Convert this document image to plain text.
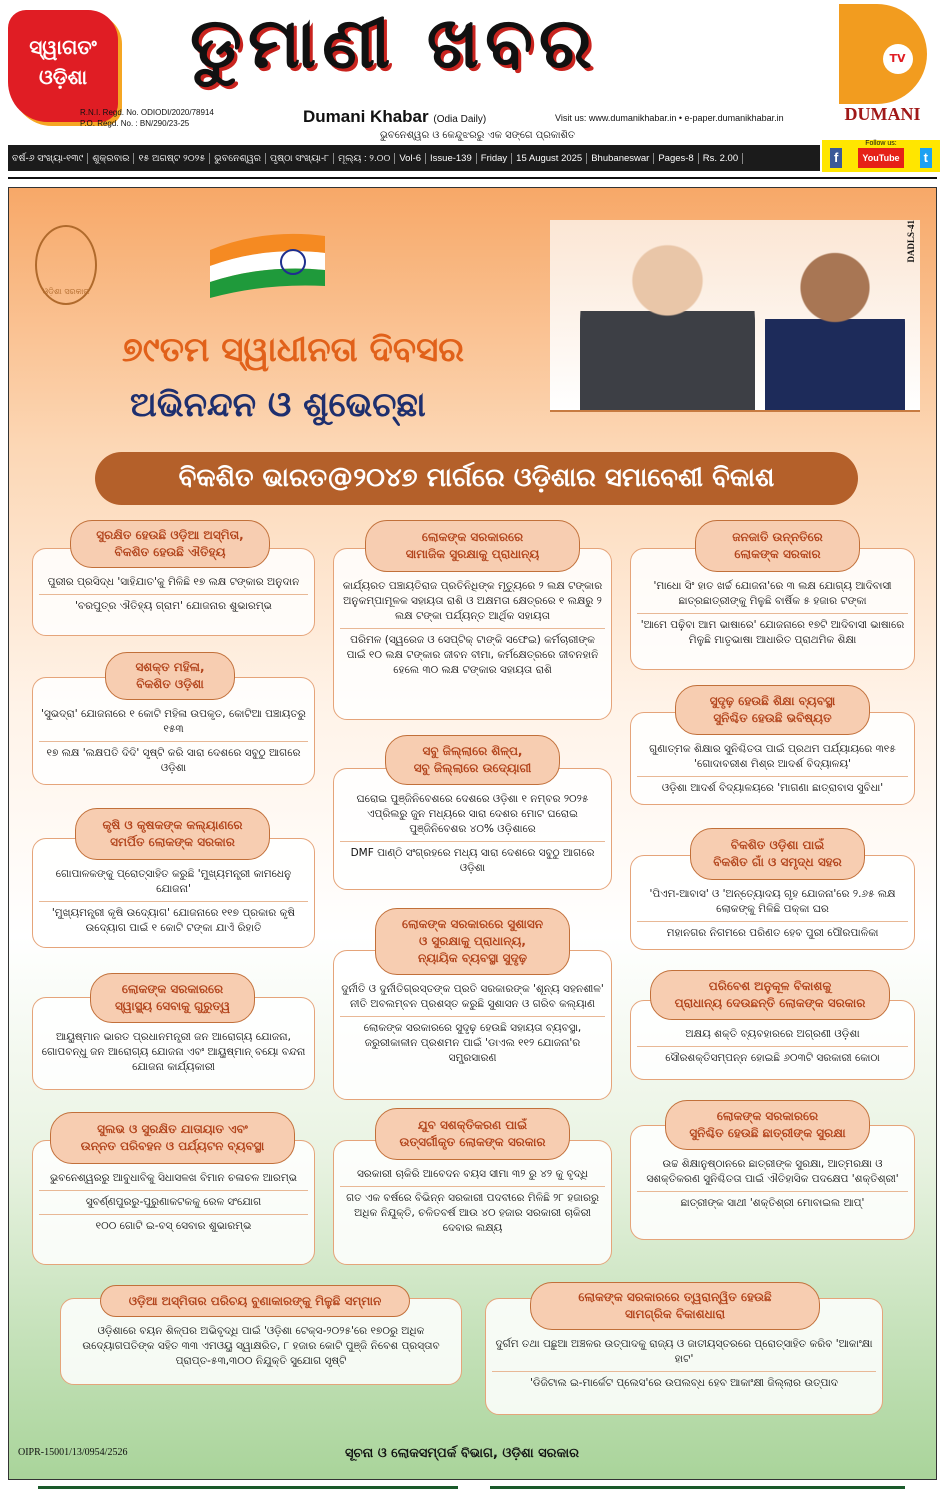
ସ୍ୱାଗତଂ
ଓଡ଼ିଶା	ଡୁମାଣୀ ଖବର
R.N.I. Regd. No. ODIODI/2020/78914
P.O. Regd. No. : BN/290/23-25	Dumani Khabar (Odia Daily)	Visit us: www.dumanikhabar.in • e-paper.dumanikhabar.in
ଭୁବନେଶ୍ୱର ଓ କେନ୍ଦୁଝରରୁ ଏକ ସଙ୍ଗେ ପ୍ରକାଶିତ
TV
DUMANI
ବର୍ଷ-୬ ସଂଖ୍ୟା-୧୩୯ ଶୁକ୍ରବାର ୧୫ ଅଗଷ୍ଟ ୨୦୨୫ ଭୁବନେଶ୍ୱର ପୃଷ୍ଠା ସଂଖ୍ୟା-୮ ମୂଲ୍ୟ : ୨.୦୦ Vol-6 Issue-139 Friday 15 August 2025 Bhubaneswar Pages-8 Rs. 2.00
Follow us:
f	YouTube	t
ଓଡ଼ିଶା ସରକାର
୭୯ତମ ସ୍ୱାଧୀନତା ଦିବସର
ଅଭିନନ୍ଦନ ଓ ଶୁଭେଚ୍ଛା
DADLS-41
ବିକଶିତ ଭାରତ@୨୦୪୭ ମାର୍ଗରେ ଓଡ଼ିଶାର ସମାବେଶୀ ବିକାଶ

ପୁରୀର ପ୍ରସିଦ୍ଧ 'ସାହିଯାତ'କୁ ମିଳିଛି ୧୭ ଲକ୍ଷ ଟଙ୍କାର ଅନୁଦାନ

'ବରପୁତ୍ର ଐତିହ୍ୟ ଗ୍ରାମ' ଯୋଜନାର ଶୁଭାରମ୍ଭ

ସୁରକ୍ଷିତ ହେଉଛି ଓଡ଼ିଆ ଅସ୍ମିତା,
ବିକଶିତ ହେଉଛି ଐତିହ୍ୟ

'ସୁଭଦ୍ରା' ଯୋଜନାରେ ୧ କୋଟି ମହିଳା ଉପକୃତ, କୋଟିଆ ପଞ୍ଚାୟତରୁ ୧୫୩

୧୭ ଲକ୍ଷ 'ଲକ୍ଷପତି ଦିଦି' ସୃଷ୍ଟି କରି ସାରା ଦେଶରେ ସବୁଠୁ ଆଗରେ ଓଡ଼ିଶା

ସଶକ୍ତ ମହିଳା,
ବିକଶିତ ଓଡ଼ିଶା

ଗୋପାଳକଙ୍କୁ ପ୍ରୋତ୍ସାହିତ କରୁଛି 'ମୁଖ୍ୟମନ୍ତ୍ରୀ କାମଧେନୁ ଯୋଜନା'

'ମୁଖ୍ୟମନ୍ତ୍ରୀ କୃଷି ଉଦ୍ୟୋଗ' ଯୋଜନାରେ ୧୧୭ ପ୍ରକାର କୃଷି ଉଦ୍ୟୋଗ ପାଇଁ ୧ କୋଟି ଟଙ୍କା ଯାଏଁ ରିହାତି

କୃଷି ଓ କୃଷକଙ୍କ କଲ୍ୟାଣରେ
ସମର୍ପିତ ଲୋକଙ୍କ ସରକାର

ଆୟୁଷ୍ମାନ ଭାରତ ପ୍ରଧାନମନ୍ତ୍ରୀ ଜନ ଆରୋଗ୍ୟ ଯୋଜନା, ଗୋପବନ୍ଧୁ ଜନ ଆରୋଗ୍ୟ ଯୋଜନା ଏବଂ ଆୟୁଷ୍ମାନ୍ ବୟୋ ବନ୍ଦନା ଯୋଜନା କାର୍ଯ୍ୟକାରୀ

ଲୋକଙ୍କ ସରକାରରେ
ସ୍ୱାସ୍ଥ୍ୟ ସେବାକୁ ଗୁରୁତ୍ୱ

ଭୁବନେଶ୍ୱରରୁ ଆବୁଧାବିକୁ ସିଧାସଳଖ ବିମାନ ଚଳାଚଳ ଆରମ୍ଭ

ସୁବର୍ଣ୍ଣପୁରରୁ-ପୁରୁଣାକଟକକୁ ରେଳ ସଂଯୋଗ

୧୦୦ ଗୋଟି ଇ-ବସ୍ ସେବାର ଶୁଭାରମ୍ଭ

ସୁଲଭ ଓ ସୁରକ୍ଷିତ ଯାତାୟାତ ଏବଂ
ଉନ୍ନତ ପରିବହନ ଓ ପର୍ଯ୍ୟଟନ ବ୍ୟବସ୍ଥା

କାର୍ଯ୍ୟରତ ପଞ୍ଚାୟତିରାଜ ପ୍ରତିନିଧିଙ୍କ ମୃତ୍ୟୁରେ ୨ ଲକ୍ଷ ଟଙ୍କାର ଅନୁକମ୍ପାମୂଳକ ସହାୟତା ରାଶି ଓ ଅକ୍ଷମତା କ୍ଷେତ୍ରରେ ୧ ଲକ୍ଷରୁ ୨ ଲକ୍ଷ ଟଙ୍କା ପର୍ଯ୍ୟନ୍ତ ଆର୍ଥିକ ସହାୟତା

ପରିମଳ (ସ୍ୱରେଜ ଓ ସେପ୍‌ଟିକ୍ ଟାଙ୍କି ସଫେଇ) କର୍ମଚାରୀଙ୍କ ପାଇଁ ୧୦ ଲକ୍ଷ ଟଙ୍କାର ଜୀବନ ବୀମା, କର୍ମକ୍ଷେତ୍ରରେ ଜୀବନହାନି ହେଲେ ୩୦ ଲକ୍ଷ ଟଙ୍କାର ସହାୟତା ରାଶି

ଲୋକଙ୍କ ସରକାରରେ
ସାମାଜିକ ସୁରକ୍ଷାକୁ ପ୍ରାଧାନ୍ୟ

ଘରୋଇ ପୁଞ୍ଜିନିବେଶରେ ଦେଶରେ ଓଡ଼ିଶା ୧ ନମ୍ବର ୨୦୨୫ ଏପ୍ରିଲରୁ ଜୁନ ମଧ୍ୟରେ ସାରା ଦେଶର ମୋଟ ଘରୋଇ ପୁଞ୍ଜିନିବେଶର ୪୦% ଓଡ଼ିଶାରେ

DMF ପାଣ୍ଠି ସଂଗ୍ରହରେ ମଧ୍ୟ ସାରା ଦେଶରେ ସବୁଠୁ ଆଗରେ ଓଡ଼ିଶା

ସବୁ ଜିଲ୍ଲାରେ ଶିଳ୍ପ,
ସବୁ ଜିଲ୍ଲାରେ ଉଦ୍ୟୋଗୀ

ଦୁର୍ନୀତି ଓ ଦୁର୍ନୀତିଗ୍ରସ୍ତଙ୍କ ପ୍ରତି ସରକାରଙ୍କ 'ଶୂନ୍ୟ ସହନଶୀଳ' ନୀତି ଅବଲମ୍ବନ ପ୍ରଶସ୍ତ କରୁଛି ସୁଶାସନ ଓ ଗରିବ କଲ୍ୟାଣ

ଲୋକଙ୍କ ସରକାରରେ ସୁଦୃଢ଼ ହେଉଛି ସହାୟତା ବ୍ୟବସ୍ଥା, ଜରୁରୀକାଳୀନ ପ୍ରଶମନ ପାଇଁ 'ଡାଏଲ ୧୧୨ ଯୋଜନା'ର ସମ୍ପ୍ରସାରଣ

ଲୋକଙ୍କ ସରକାରରେ ସୁଶାସନ
ଓ ସୁରକ୍ଷାକୁ ପ୍ରାଧାନ୍ୟ,
ନ୍ୟାୟିକ ବ୍ୟବସ୍ଥା ସୁଦୃଢ଼

ସରକାରୀ ଚାକିରି ଆବେଦନ ବୟସ ସୀମା ୩୨ ରୁ ୪୨ କୁ ବୃଦ୍ଧି

ଗତ ଏକ ବର୍ଷରେ ବିଭିନ୍ନ ସରକାରୀ ପଦବୀରେ ମିଳିଛି ୨୮ ହଜାରରୁ ଅଧିକ ନିଯୁକ୍ତି, ଚଳିତବର୍ଷ ଆଉ ୪୦ ହଜାର ସରକାରୀ ଚାକିରୀ ଦେବାର ଲକ୍ଷ୍ୟ

ଯୁବ ସଶକ୍ତିକରଣ ପାଇଁ
ଉତ୍ସର୍ଗୀକୃତ ଲୋକଙ୍କ ସରକାର

'ମାଧୋ ସିଂ ହାତ ଖର୍ଚ୍ଚ ଯୋଜନା'ରେ ୩ ଲକ୍ଷ ଯୋଗ୍ୟ ଆଦିବାସୀ ଛାତ୍ରଛାତ୍ରୀଙ୍କୁ ମିଳୁଛି ବାର୍ଷିକ ୫ ହଜାର ଟଙ୍କା

'ଆମେ ପଢ଼ିବା ଆମ ଭାଷାରେ' ଯୋଜନାରେ ୧୭ଟି ଆଦିବାସୀ ଭାଷାରେ ମିଳୁଛି ମାତୃଭାଷା ଆଧାରିତ ପ୍ରାଥମିକ ଶିକ୍ଷା

ଜନଜାତି ଉନ୍ନତିରେ
ଲୋକଙ୍କ ସରକାର

ଗୁଣାତ୍ମକ ଶିକ୍ଷାର ସୁନିଶ୍ଚିତତା ପାଇଁ ପ୍ରଥମ ପର୍ଯ୍ୟାୟରେ ୩୧୫ 'ଗୋଦାବରୀଶ ମିଶ୍ର ଆଦର୍ଶ ବିଦ୍ୟାଳୟ'

ଓଡ଼ିଶା ଆଦର୍ଶ ବିଦ୍ୟାଳୟରେ 'ମାଗଣା ଛାତ୍ରାବାସ ସୁବିଧା'

ସୁଦୃଢ଼ ହେଉଛି ଶିକ୍ଷା ବ୍ୟବସ୍ଥା
ସୁନିଶ୍ଚିତ ହେଉଛି ଭବିଷ୍ୟତ

'ପିଏମ-ଆବାସ' ଓ 'ଅନ୍ତ୍ୟୋଦୟ ଗୃହ ଯୋଜନା'ରେ ୨.୬୫ ଲକ୍ଷ ଲୋକଙ୍କୁ ମିଳିଛି ପକ୍କା ଘର

ମହାନଗର ନିଗମରେ ପରିଣତ ହେବ ପୁରୀ ପୌରପାଳିକା

ବିକଶିତ ଓଡ଼ିଶା ପାଇଁ
ବିକଶିତ ଗାଁ ଓ ସମୃଦ୍ଧ ସହର

ଅକ୍ଷୟ ଶକ୍ତି ବ୍ୟବହାରରେ ଅଗ୍ରଣୀ ଓଡ଼ିଶା

ସୌରଶକ୍ତିସମ୍ପନ୍ନ ହୋଇଛି ୬୦୩ଟି ସରକାରୀ କୋଠା

ପରିବେଶ ଅନୁକୂଳ ବିକାଶକୁ
ପ୍ରାଧାନ୍ୟ ଦେଉଛନ୍ତି ଲୋକଙ୍କ ସରକାର

ଉଚ୍ଚ ଶିକ୍ଷାନୁଷ୍ଠାନରେ ଛାତ୍ରୀଙ୍କ ସୁରକ୍ଷା, ଆତ୍ମରକ୍ଷା ଓ ସଶକ୍ତିକରଣ ସୁନିଶ୍ଚିତତା ପାଇଁ ଐତିହାସିକ ପଦକ୍ଷେପ 'ଶକ୍ତିଶ୍ରୀ'

ଛାତ୍ରୀଙ୍କ ସାଥୀ 'ଶକ୍ତିଶ୍ରୀ ମୋବାଇଲ ଆପ୍'

ଲୋକଙ୍କ ସରକାରରେ
ସୁନିଶ୍ଚିତ ହେଉଛି ଛାତ୍ରୀଙ୍କ ସୁରକ୍ଷା

ଓଡ଼ିଶାରେ ବୟନ ଶିଳ୍ପର ଅଭିବୃଦ୍ଧି ପାଇଁ 'ଓଡ଼ିଶା ଟେକ୍ସ-୨୦୨୫'ରେ ୧୭୦ରୁ ଅଧିକ ଉଦ୍ୟୋଗପତିଙ୍କ ସହିତ ୩୩ ଏମଓୟୁ ସ୍ୱାକ୍ଷରିତ, ୮ ହଜାର କୋଟି ପୁଞ୍ଜି ନିବେଶ ପ୍ରସ୍ତାବ ପ୍ରାପ୍ତ-୫୩,୩୦୦ ନିଯୁକ୍ତି ସୁଯୋଗ ସୃଷ୍ଟି

ଓଡ଼ିଆ ଅସ୍ମିତାର ପରିଚୟ ବୁଣାକାରଙ୍କୁ ମିଳୁଛି ସମ୍ମାନ

ଦୁର୍ଗମ ତଥା ପଛୁଆ ଅଞ୍ଚଳର ଉତ୍ପାଦକୁ ରାଜ୍ୟ ଓ ଜାତୀୟସ୍ତରରେ ପ୍ରୋତ୍ସାହିତ କରିବ 'ଆକାଂକ୍ଷା ହାଟ'

'ଡିଜିଟାଲ ଇ-ମାର୍କେଟ ପ୍ଲେସ'ରେ ଉପଲବ୍ଧ ହେବ ଆକାଂକ୍ଷୀ ଜିଲ୍ଲାର ଉତ୍ପାଦ

ଲୋକଙ୍କ ସରକାରରେ ତ୍ୱରାନ୍ୱିତ ହେଉଛି
ସାମଗ୍ରିକ ବିକାଶଧାରା
OIPR-15001/13/0954/2526	ସୂଚନା ଓ ଲୋକସମ୍ପର୍କ ବିଭାଗ, ଓଡ଼ିଶା ସରକାର
